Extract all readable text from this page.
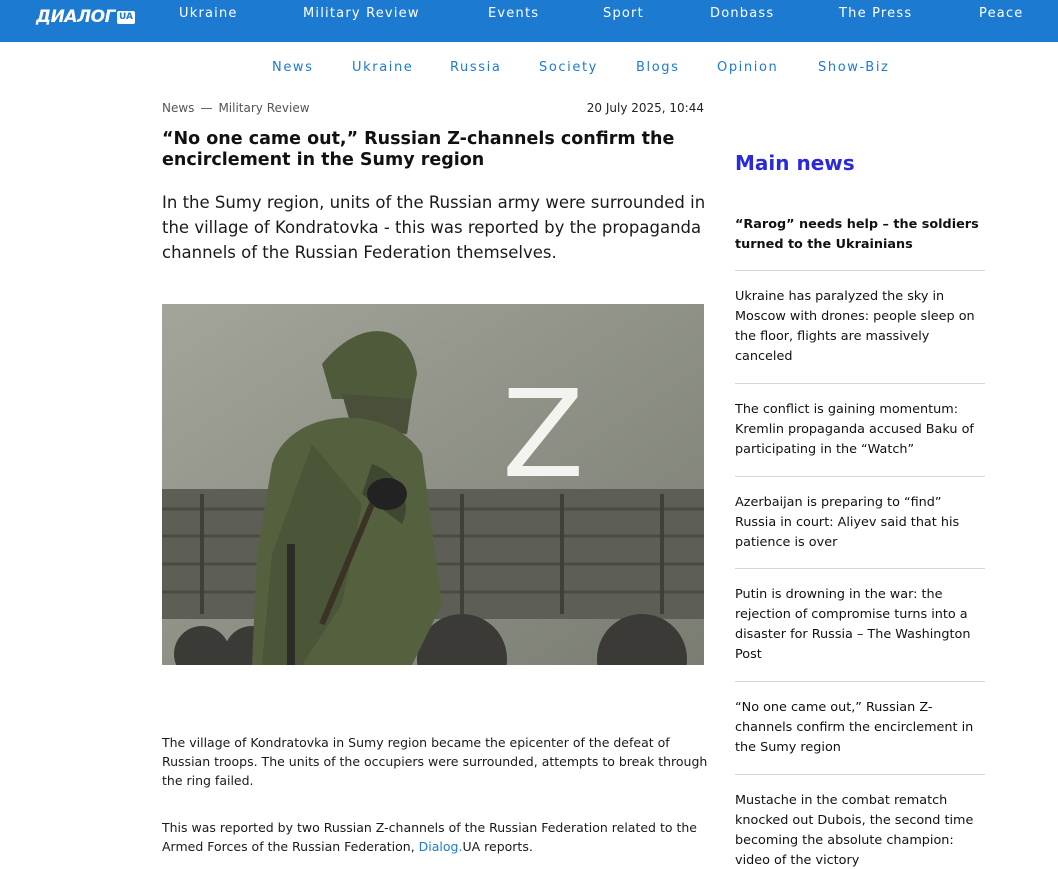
ДИАЛОГ UA	Ukraine	Military Review	Events	Sport	Donbass	The Press	Peace
News	Ukraine	Russia	Society	Blogs	Opinion	Show-Biz
News — Military Review	20 July 2025, 10:44
“No one came out,” Russian Z-channels confirm the encirclement in the Sumy region

In the Sumy region, units of the Russian army were surrounded in the village of Kondratovka - this was reported by the propaganda channels of the Russian Federation themselves.

Z

The village of Kondratovka in Sumy region became the epicenter of the defeat of Russian troops. The units of the occupiers were surrounded, attempts to break through the ring failed.

This was reported by two Russian Z-channels of the Russian Federation related to the Armed Forces of the Russian Federation, Dialog.UA reports.

Main news
“Rarog” needs help – the soldiers turned to the Ukrainians
Ukraine has paralyzed the sky in Moscow with drones: people sleep on the floor, flights are massively canceled
The conflict is gaining momentum: Kremlin propaganda accused Baku of participating in the “Watch”
Azerbaijan is preparing to “find” Russia in court: Aliyev said that his patience is over
Putin is drowning in the war: the rejection of compromise turns into a disaster for Russia – The Washington Post
“No one came out,” Russian Z-channels confirm the encirclement in the Sumy region
Mustache in the combat rematch knocked out Dubois, the second time becoming the absolute champion: video of the victory
